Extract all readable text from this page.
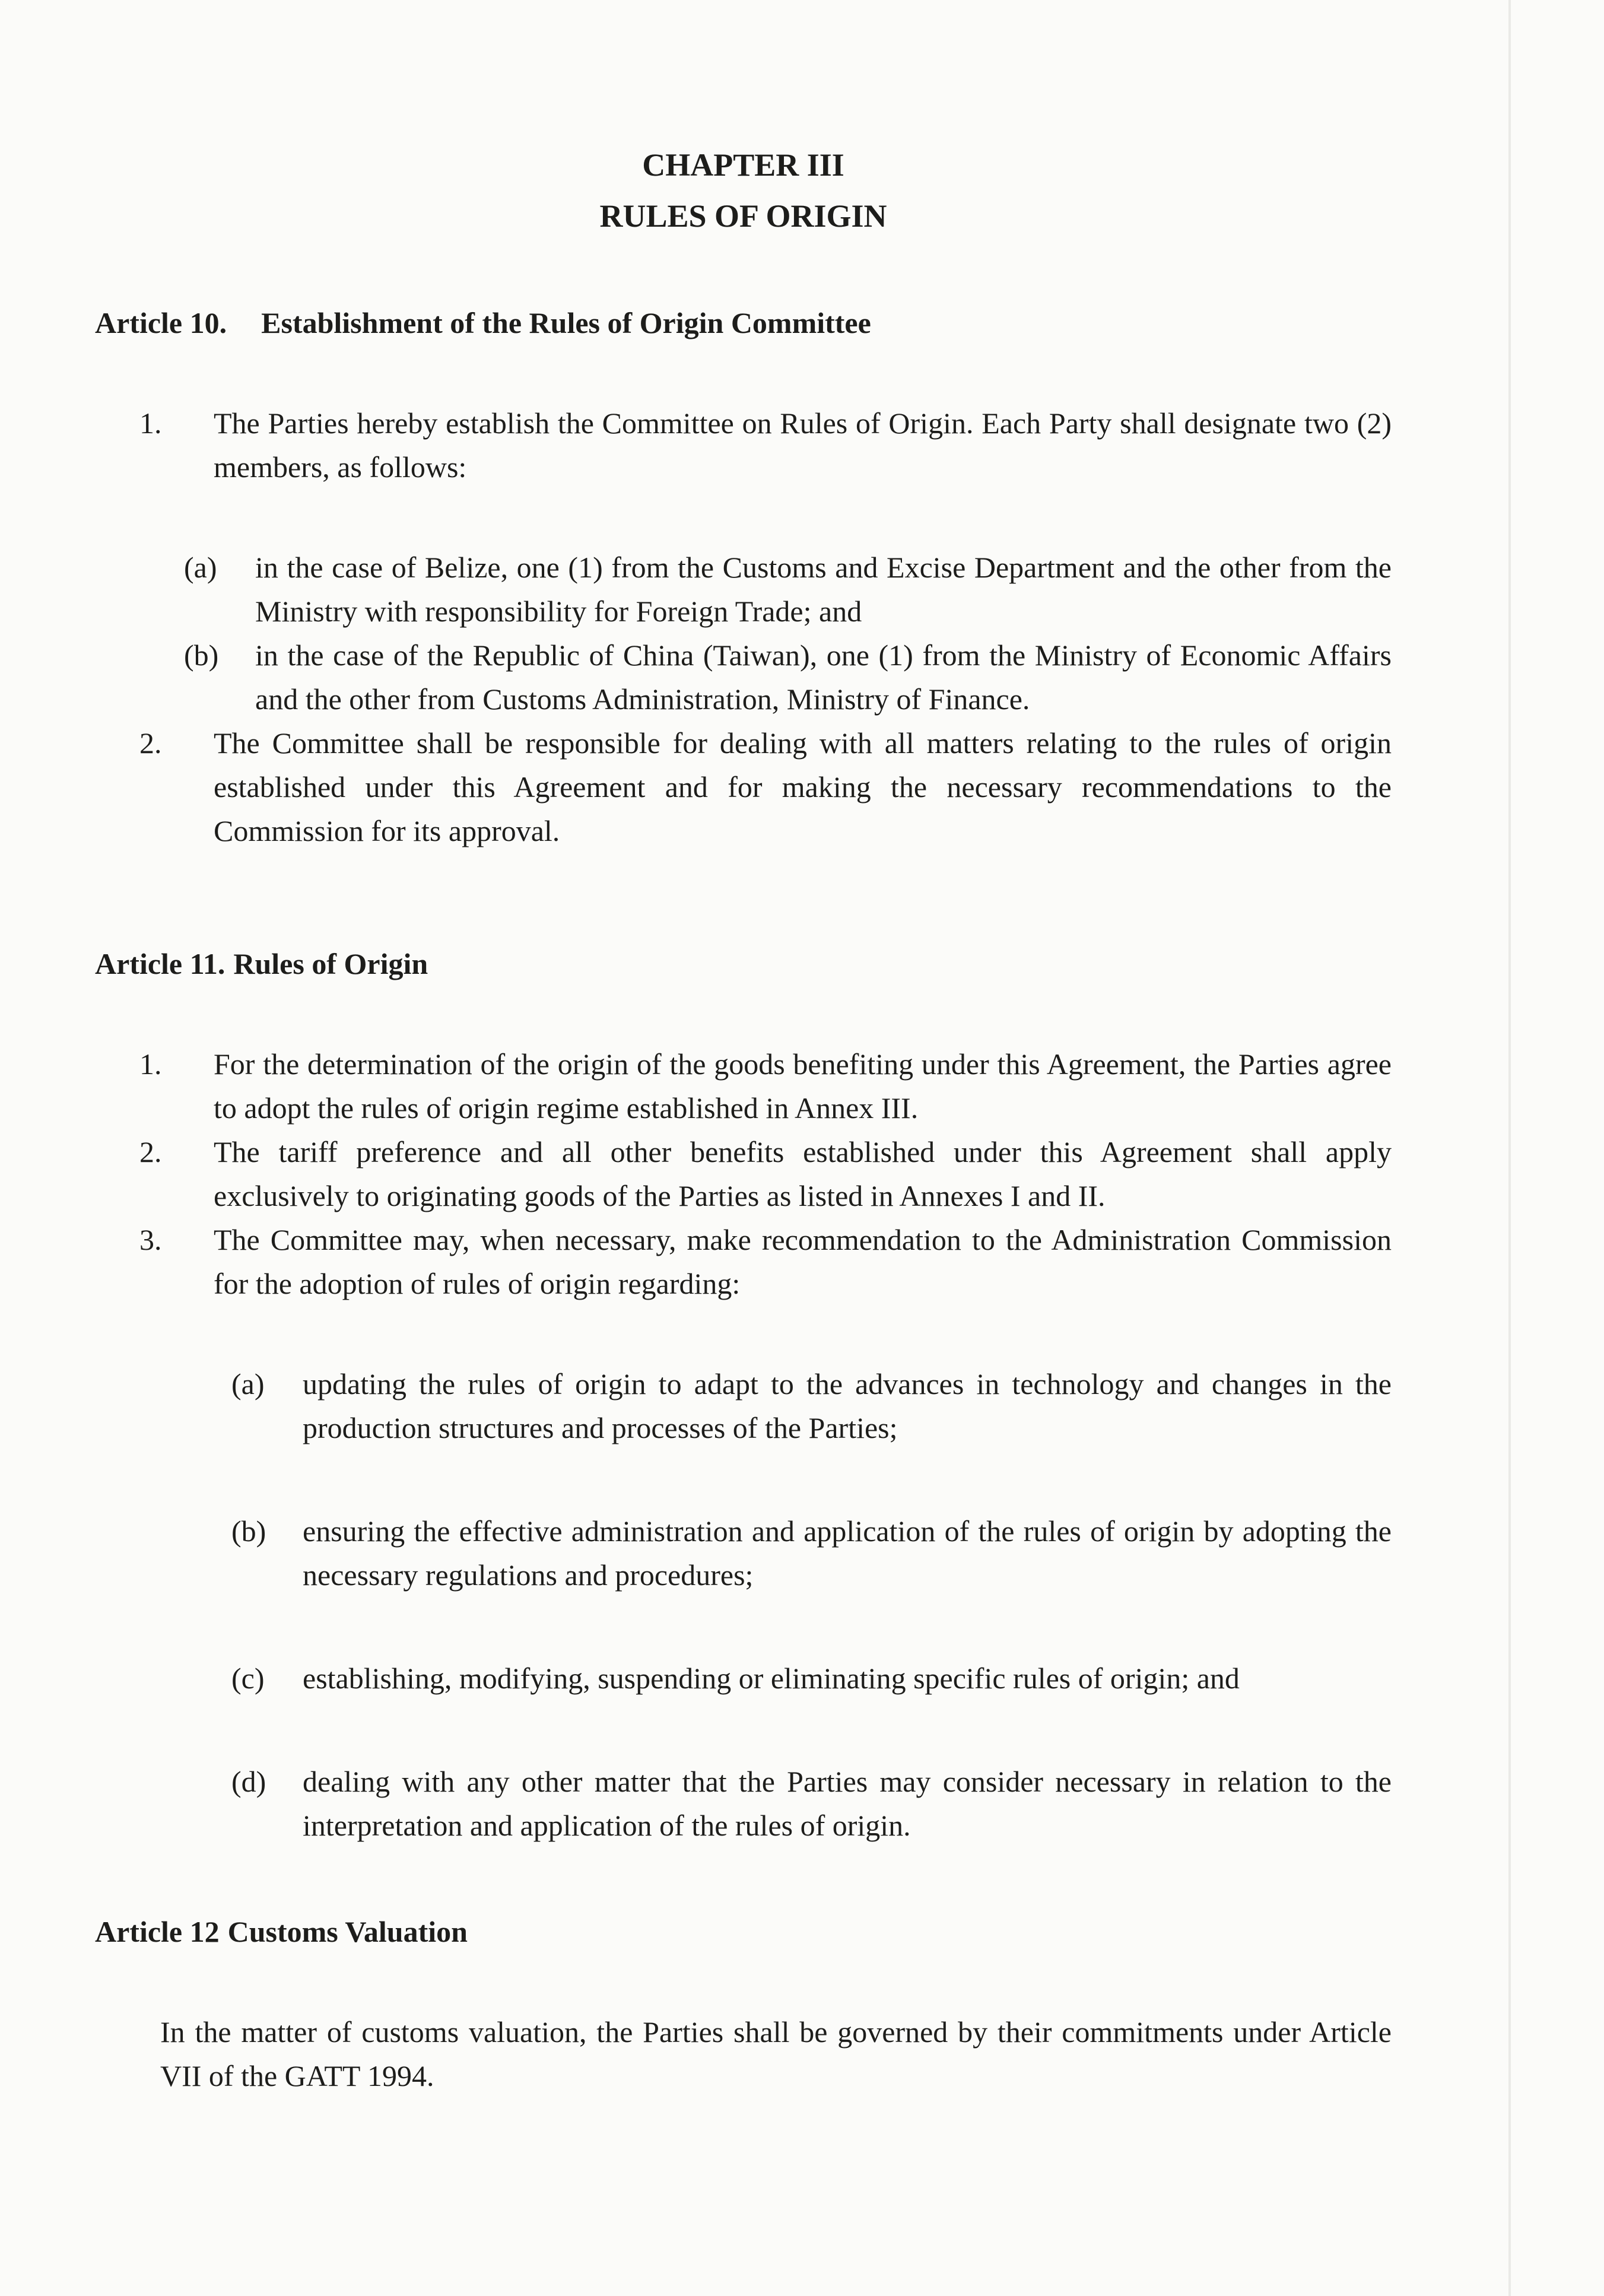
CHAPTER III
RULES OF ORIGIN
Article 10. Establishment of the Rules of Origin Committee
1. The Parties hereby establish the Committee on Rules of Origin. Each Party shall designate two (2) members, as follows:
(a) in the case of Belize, one (1) from the Customs and Excise Department and the other from the Ministry with responsibility for Foreign Trade; and
(b) in the case of the Republic of China (Taiwan), one (1) from the Ministry of Economic Affairs and the other from Customs Administration, Ministry of Finance.
2. The Committee shall be responsible for dealing with all matters relating to the rules of origin established under this Agreement and for making the necessary recommendations to the Commission for its approval.
Article 11. Rules of Origin
1. For the determination of the origin of the goods benefiting under this Agreement, the Parties agree to adopt the rules of origin regime established in Annex III.
2. The tariff preference and all other benefits established under this Agreement shall apply exclusively to originating goods of the Parties as listed in Annexes I and II.
3. The Committee may, when necessary, make recommendation to the Administration Commission for the adoption of rules of origin regarding:
(a) updating the rules of origin to adapt to the advances in technology and changes in the production structures and processes of the Parties;
(b) ensuring the effective administration and application of the rules of origin by adopting the necessary regulations and procedures;
(c) establishing, modifying, suspending or eliminating specific rules of origin; and
(d) dealing with any other matter that the Parties may consider necessary in relation to the interpretation and application of the rules of origin.
Article 12 Customs Valuation
In the matter of customs valuation, the Parties shall be governed by their commitments under Article VII of the GATT 1994.
